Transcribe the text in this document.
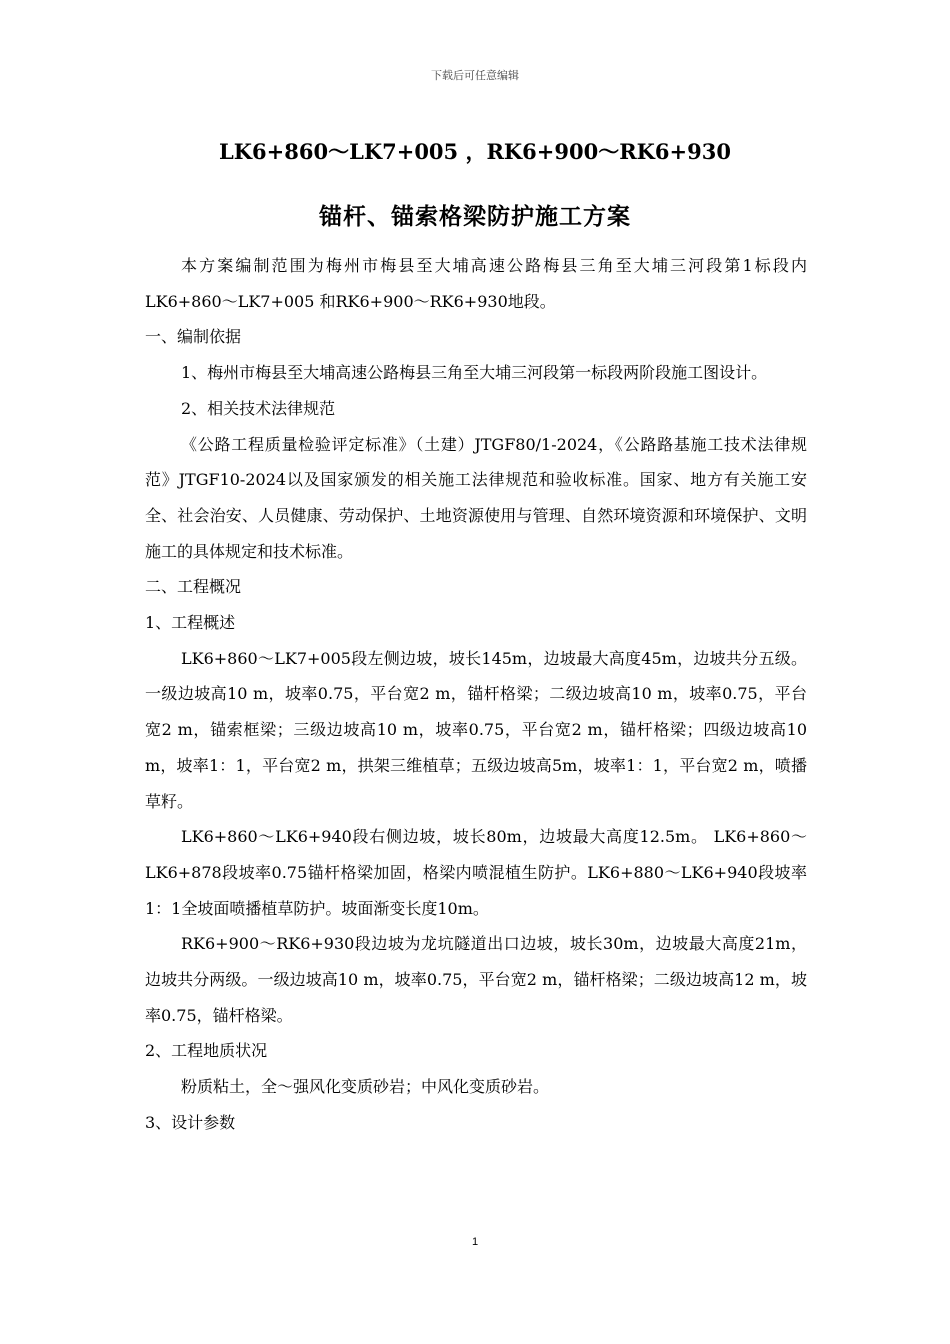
下载后可任意编辑
LK6+860～LK7+005 ，RK6+900～RK6+930
锚杆、锚索格梁防护施工方案

本方案编制范围为梅州市梅县至大埔高速公路梅县三角至大埔三河段第1标段内LK6+860～LK7+005 和RK6+900～RK6+930地段。

一、编制依据

1、梅州市梅县至大埔高速公路梅县三角至大埔三河段第一标段两阶段施工图设计。

2、相关技术法律规范

《公路工程质量检验评定标准》（土建）JTGF80/1-2024，《公路路基施工技术法律规范》JTGF10-2024以及国家颁发的相关施工法律规范和验收标准。国家、地方有关施工安全、社会治安、人员健康、劳动保护、土地资源使用与管理、自然环境资源和环境保护、文明施工的具体规定和技术标准。

二、工程概况

1、工程概述

LK6+860～LK7+005段左侧边坡，坡长145m，边坡最大高度45m，边坡共分五级。一级边坡高10 m，坡率0.75，平台宽2 m，锚杆格梁；二级边坡高10 m，坡率0.75，平台宽2 m，锚索框梁；三级边坡高10 m，坡率0.75，平台宽2 m，锚杆格梁；四级边坡高10 m，坡率1：1，平台宽2 m，拱架三维植草；五级边坡高5m，坡率1：1，平台宽2 m，喷播草籽。

LK6+860～LK6+940段右侧边坡，坡长80m，边坡最大高度12.5m。 LK6+860～LK6+878段坡率0.75锚杆格梁加固，格梁内喷混植生防护。LK6+880～LK6+940段坡率1：1全坡面喷播植草防护。坡面渐变长度10m。

RK6+900～RK6+930段边坡为龙坑隧道出口边坡，坡长30m，边坡最大高度21m，边坡共分两级。一级边坡高10 m，坡率0.75，平台宽2 m，锚杆格梁；二级边坡高12 m，坡率0.75，锚杆格梁。

2、工程地质状况

粉质粘土，全～强风化变质砂岩；中风化变质砂岩。

3、设计参数

1
